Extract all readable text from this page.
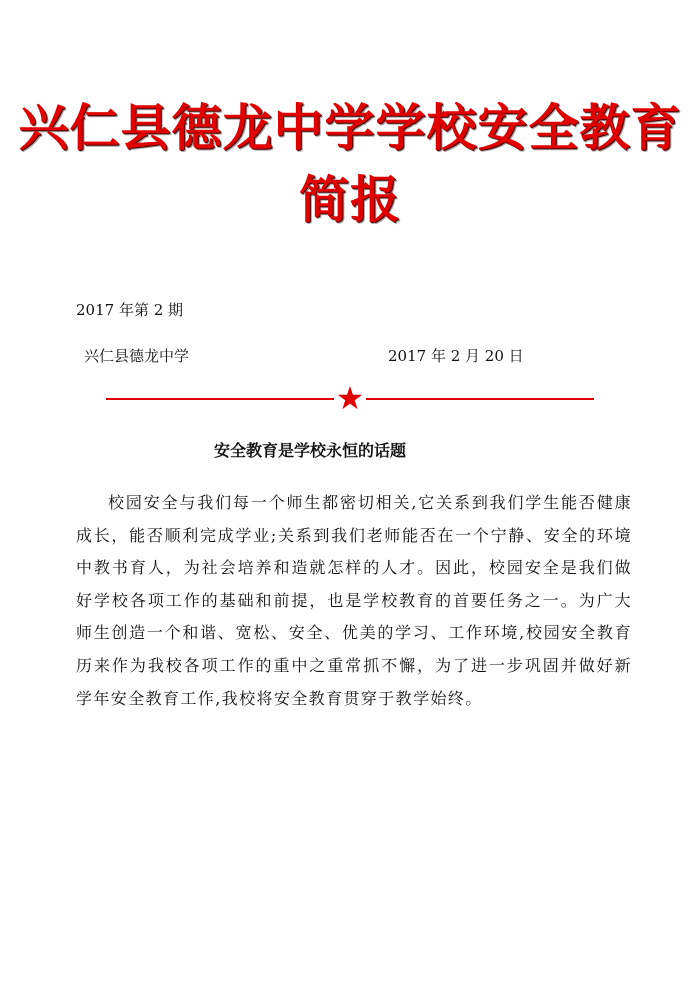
兴仁县德龙中学学校安全教育
简报
2017 年第 2 期
兴仁县德龙中学	2017 年 2 月 20 日
★
安全教育是学校永恒的话题

校园安全与我们每一个师生都密切相关,它关系到我们学生能否健康成长，能否顺利完成学业;关系到我们老师能否在一个宁静、安全的环境中教书育人，为社会培养和造就怎样的人才。因此，校园安全是我们做好学校各项工作的基础和前提，也是学校教育的首要任务之一。为广大师生创造一个和谐、宽松、安全、优美的学习、工作环境,校园安全教育历来作为我校各项工作的重中之重常抓不懈，为了进一步巩固并做好新学年安全教育工作,我校将安全教育贯穿于教学始终。
